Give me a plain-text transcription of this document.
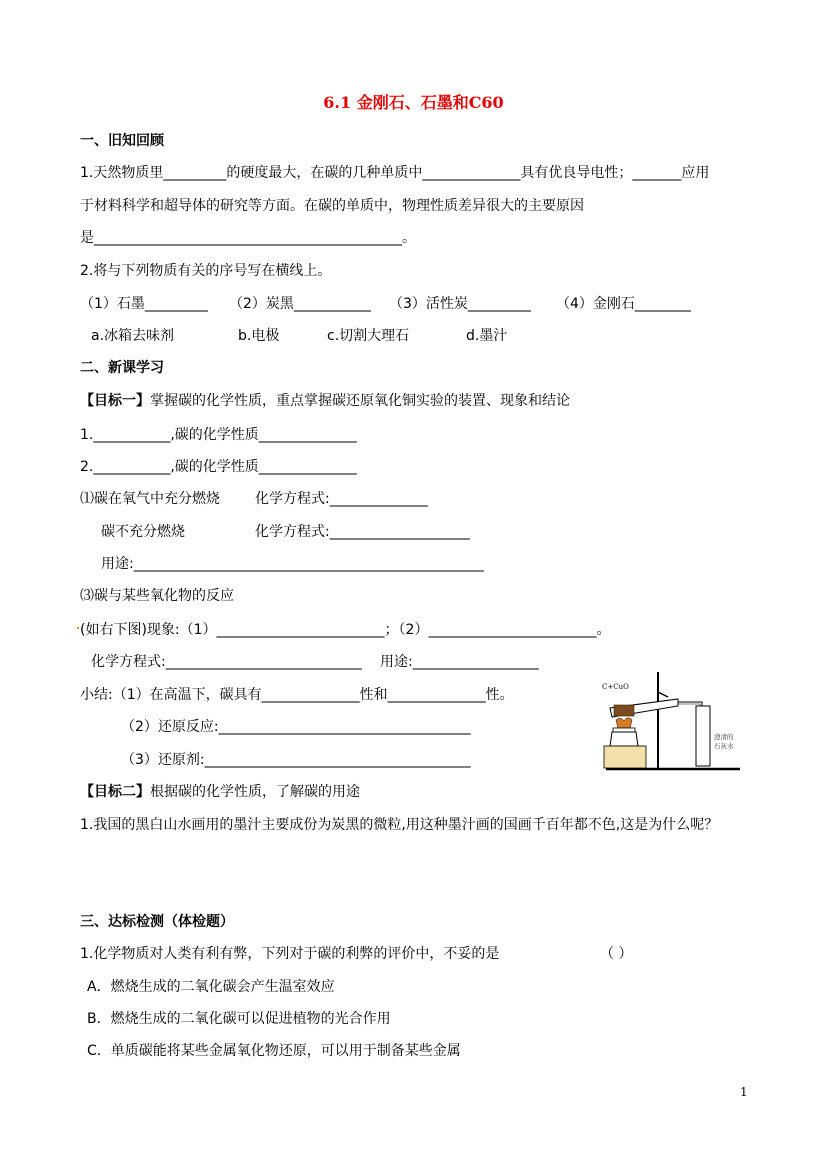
6.1 金刚石、石墨和C60
一、旧知回顾
1.天然物质里_________的硬度最大，在碳的几种单质中______________具有优良导电性；_______应用
于材料科学和超导体的研究等方面。在碳的单质中，物理性质差异很大的主要原因
是____________________________________________。
2.将与下列物质有关的序号写在横线上。
（1）石墨_________ （2）炭黑___________ （3）活性炭_________ （4）金刚石________
a.冰箱去味剂	b.电极	c.切割大理石	d.墨汁
二、新课学习
【目标一】掌握碳的化学性质，重点掌握碳还原氧化铜实验的装置、现象和结论
1.___________,碳的化学性质______________
2.___________,碳的化学性质______________
⑴碳在氧气中充分燃烧	化学方程式:______________
碳不充分燃烧	化学方程式:____________________
用途:__________________________________________________
⑶碳与某些氧化物的反应
(如右下图)现象:（1）________________________；（2）________________________。
化学方程式:____________________________ 用途:__________________
小结:（1）在高温下，碳具有______________性和______________性。
（2）还原反应:____________________________________
（3）还原剂:______________________________________
【目标二】根据碳的化学性质，了解碳的用途
1.我国的黑白山水画用的墨汁主要成份为炭黑的微粒,用这种墨汁画的国画千百年都不色,这是为什么呢？
三、达标检测（体检题）
1.化学物质对人类有利有弊，下列对于碳的利弊的评价中，不妥的是	（ ）
A．燃烧生成的二氧化碳会产生温室效应
B．燃烧生成的二氧化碳可以促进植物的光合作用
C．单质碳能将某些金属氧化物还原，可以用于制备某些金属
C+CuO
澄清的
石灰水
1
